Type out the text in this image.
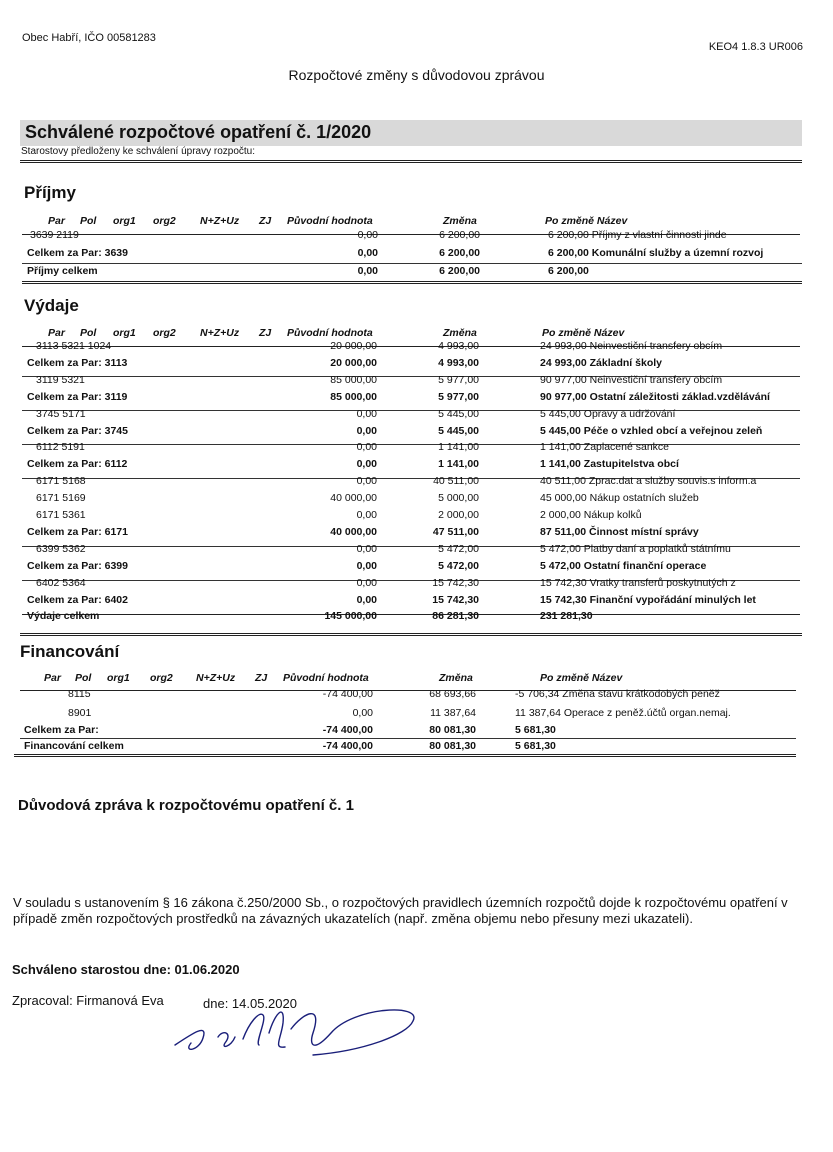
Obec Habří, IČO 00581283
KEO4 1.8.3 UR006
Rozpočtové změny s důvodovou zprávou
Schválené rozpočtové opatření č. 1/2020
Starostovy předloženy ke schválení úpravy rozpočtu:
Příjmy
Par Pol org1 org2 N+Z+Uz ZJ Původní hodnota	Změna	Po změně Název
3639 2119	0,00	6 200,00	6 200,00 Příjmy z vlastní činnosti jinde
Celkem za Par: 3639	0,00	6 200,00	6 200,00 Komunální služby a územní rozvoj
Příjmy celkem	0,00	6 200,00	6 200,00
Výdaje
Par Pol org1 org2 N+Z+Uz ZJ Původní hodnota	Změna	Po změně Název
3113 5321 1024	20 000,00	4 993,00	24 993,00 Neinvestiční transfery obcím
Celkem za Par: 3113	20 000,00	4 993,00	24 993,00 Základní školy
3119 5321	85 000,00	5 977,00	90 977,00 Neinvestiční transfery obcím
Celkem za Par: 3119	85 000,00	5 977,00	90 977,00 Ostatní záležitosti základ.vzdělávání
3745 5171	0,00	5 445,00	5 445,00 Opravy a udržování
Celkem za Par: 3745	0,00	5 445,00	5 445,00 Péče o vzhled obcí a veřejnou zeleň
6112 5191	0,00	1 141,00	1 141,00 Zaplacené sankce
Celkem za Par: 6112	0,00	1 141,00	1 141,00 Zastupitelstva obcí
6171 5168	0,00	40 511,00	40 511,00 Zprac.dat a služby souvis.s inform.a
6171 5169	40 000,00	5 000,00	45 000,00 Nákup ostatních služeb
6171 5361	0,00	2 000,00	2 000,00 Nákup kolků
Celkem za Par: 6171	40 000,00	47 511,00	87 511,00 Činnost místní správy
6399 5362	0,00	5 472,00	5 472,00 Platby daní a poplatků státnímu
Celkem za Par: 6399	0,00	5 472,00	5 472,00 Ostatní finanční operace
6402 5364	0,00	15 742,30	15 742,30 Vratky transferů poskytnutých z
Celkem za Par: 6402	0,00	15 742,30	15 742,30 Finanční vypořádání minulých let
Výdaje celkem	145 000,00	86 281,30	231 281,30
Financování
Par Pol org1 org2 N+Z+Uz ZJ Původní hodnota	Změna	Po změně Název
8115	-74 400,00	68 693,66	-5 706,34 Změna stavu krátkodobých peněž
8901	0,00	11 387,64	11 387,64 Operace z peněž.účtů organ.nemaj.
Celkem za Par:	-74 400,00	80 081,30	5 681,30
Financování celkem	-74 400,00	80 081,30	5 681,30
Důvodová zpráva k rozpočtovému opatření č. 1
V souladu s ustanovením § 16 zákona č.250/2000 Sb., o rozpočtových pravidlech územních rozpočtů dojde k rozpočtovému opatření v případě změn rozpočtových prostředků na závazných ukazatelích (např. změna objemu nebo přesuny mezi ukazateli).
Schváleno starostou dne: 01.06.2020
Zpracoval: Firmanová Eva	dne: 14.05.2020
